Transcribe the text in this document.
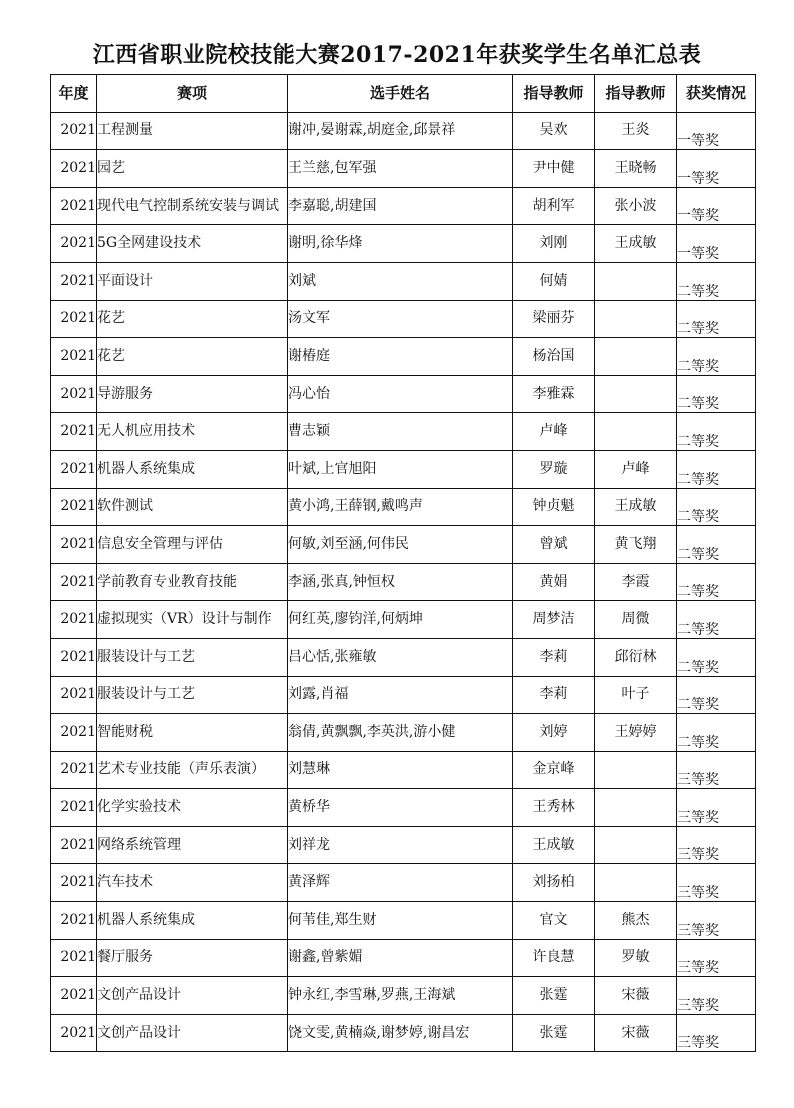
江西省职业院校技能大赛2017-2021年获奖学生名单汇总表
年度	赛项	选手姓名	指导教师	指导教师	获奖情况
2021	工程测量	谢冲,晏谢霖,胡庭金,邱景祥	吴欢	王炎	一等奖
2021	园艺	王兰慈,包军强	尹中健	王晓畅	一等奖
2021	现代电气控制系统安装与调试	李嘉聪,胡建国	胡利军	张小波	一等奖
2021	5G全网建设技术	谢明,徐华烽	刘刚	王成敏	一等奖
2021	平面设计	刘斌	何婧		二等奖
2021	花艺	汤文军	梁丽芬		二等奖
2021	花艺	谢椿庭	杨治国		二等奖
2021	导游服务	冯心怡	李雅霖		二等奖
2021	无人机应用技术	曹志颖	卢峰		二等奖
2021	机器人系统集成	叶斌,上官旭阳	罗璇	卢峰	二等奖
2021	软件测试	黄小鸿,王薛钢,戴鸣声	钟贞魁	王成敏	二等奖
2021	信息安全管理与评估	何敏,刘至涵,何伟民	曾斌	黄飞翔	二等奖
2021	学前教育专业教育技能	李涵,张真,钟恒权	黄娟	李霞	二等奖
2021	虚拟现实（VR）设计与制作	何红英,廖钧洋,何炳坤	周梦洁	周微	二等奖
2021	服装设计与工艺	吕心恬,张雍敏	李莉	邱衍林	二等奖
2021	服装设计与工艺	刘露,肖福	李莉	叶子	二等奖
2021	智能财税	翁倩,黄飘飘,李英洪,游小健	刘婷	王婷婷	二等奖
2021	艺术专业技能（声乐表演）	刘慧琳	金京峰		三等奖
2021	化学实验技术	黄桥华	王秀林		三等奖
2021	网络系统管理	刘祥龙	王成敏		三等奖
2021	汽车技术	黄泽辉	刘扬柏		三等奖
2021	机器人系统集成	何苇佳,郑生财	官文	熊杰	三等奖
2021	餐厅服务	谢鑫,曾紫媚	许良慧	罗敏	三等奖
2021	文创产品设计	钟永红,李雪琳,罗燕,王海斌	张霆	宋薇	三等奖
2021	文创产品设计	饶文雯,黄楠焱,谢梦婷,谢昌宏	张霆	宋薇	三等奖
